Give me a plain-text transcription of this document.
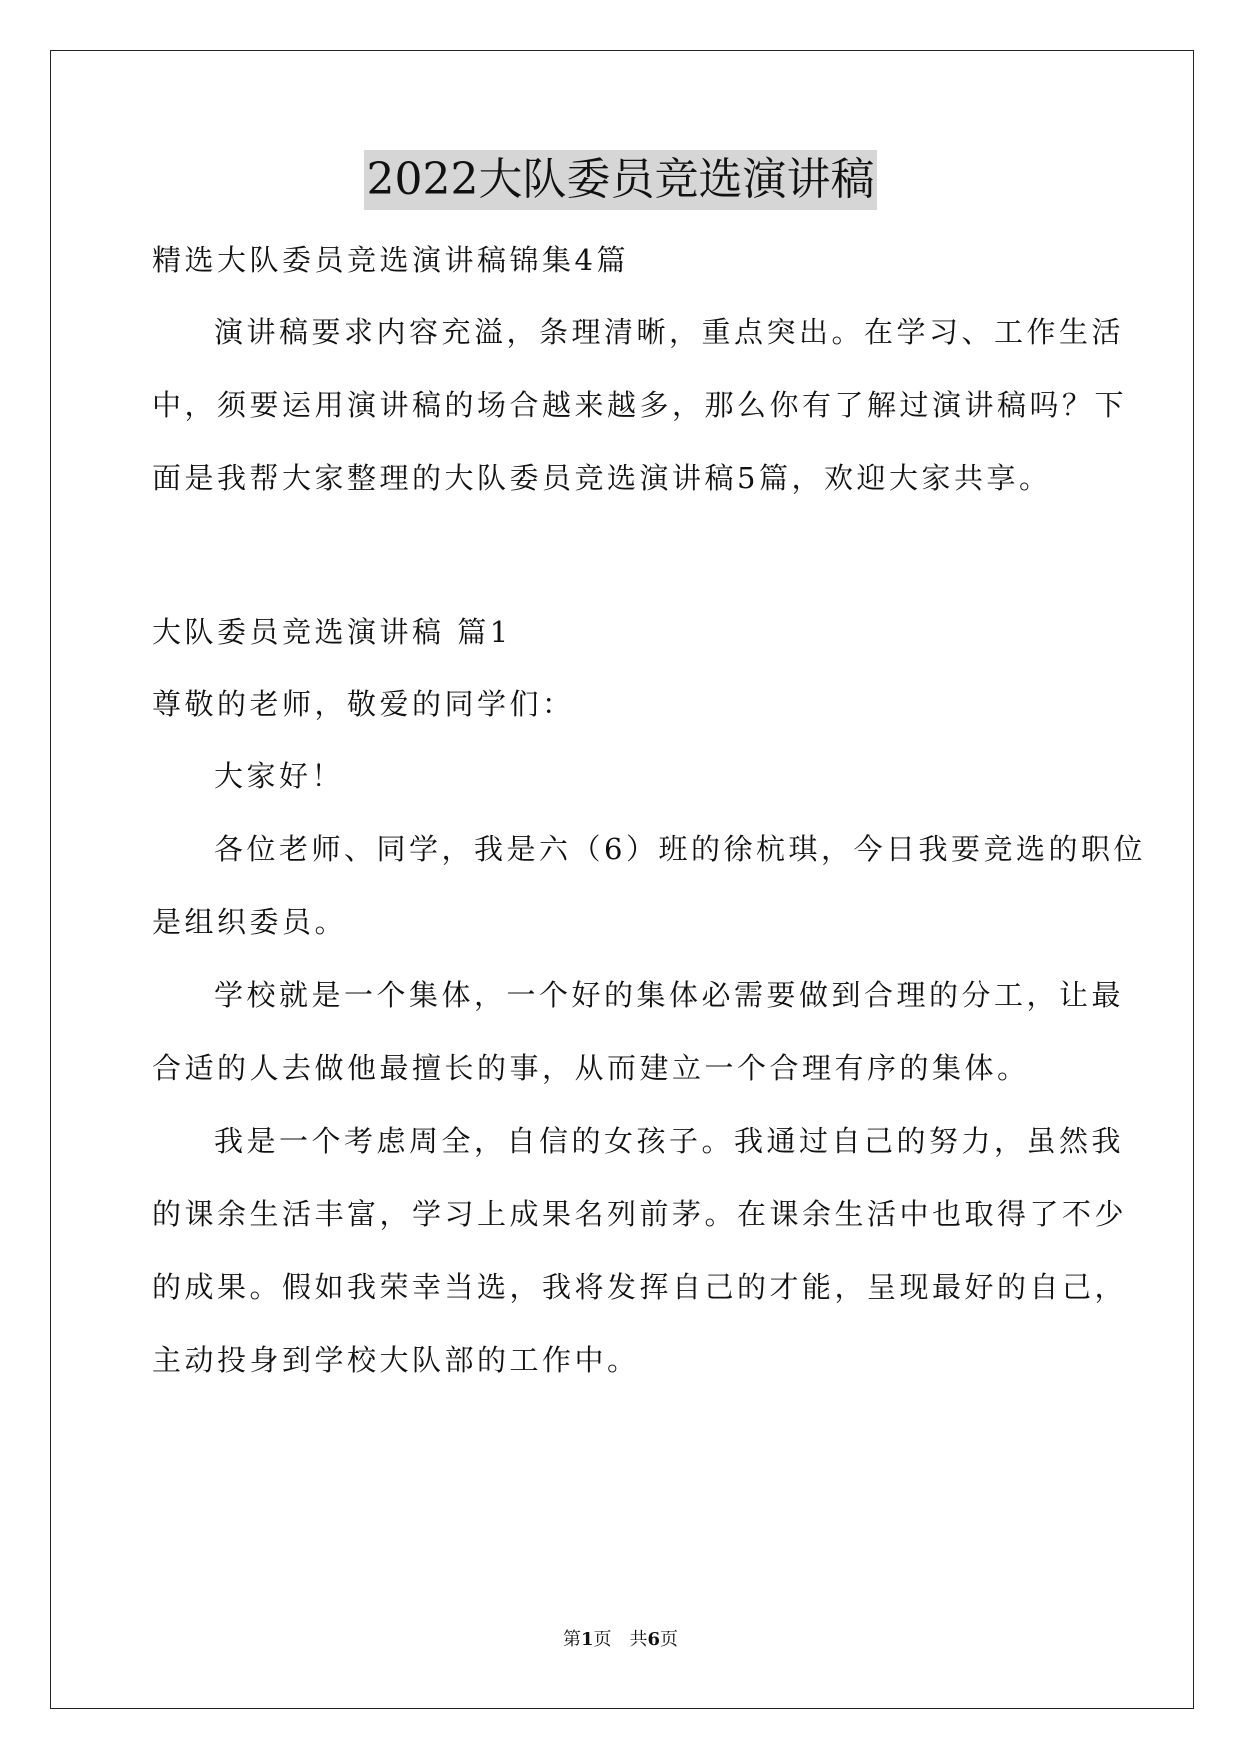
2022大队委员竞选演讲稿
精选大队委员竞选演讲稿锦集4篇
演讲稿要求内容充溢，条理清晰，重点突出。在学习、工作生活
中，须要运用演讲稿的场合越来越多，那么你有了解过演讲稿吗？下
面是我帮大家整理的大队委员竞选演讲稿5篇，欢迎大家共享。
大队委员竞选演讲稿 篇1
尊敬的老师，敬爱的同学们：
大家好！
各位老师、同学，我是六（6）班的徐杭琪，今日我要竞选的职位
是组织委员。
学校就是一个集体，一个好的集体必需要做到合理的分工，让最
合适的人去做他最擅长的事，从而建立一个合理有序的集体。
我是一个考虑周全，自信的女孩子。我通过自己的努力，虽然我
的课余生活丰富，学习上成果名列前茅。在课余生活中也取得了不少
的成果。假如我荣幸当选，我将发挥自己的才能，呈现最好的自己，
主动投身到学校大队部的工作中。
第1页　共6页
